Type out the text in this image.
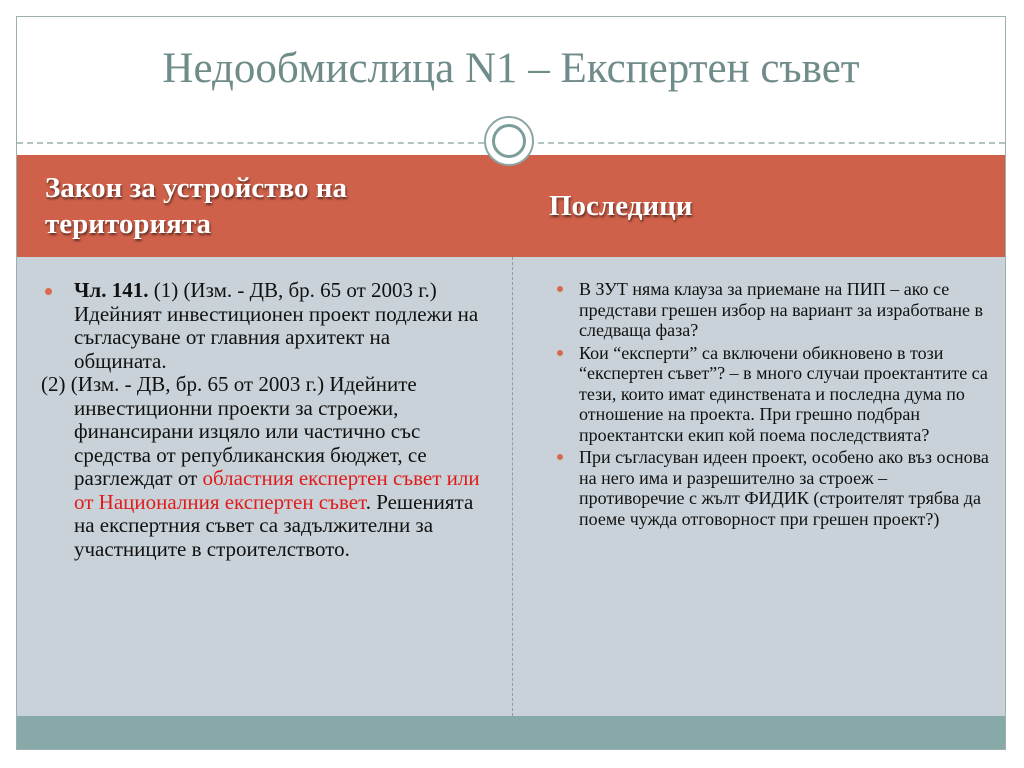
Недообмислица N1 – Експертен съвет
Закон за устройство на територията
Последици
Чл. 141. (1) (Изм. - ДВ, бр. 65 от 2003 г.) Идейният инвестиционен проект подлежи на съгласуване от главния архитект на общината.
(2) (Изм. - ДВ, бр. 65 от 2003 г.) Идейните инвестиционни проекти за строежи, финансирани изцяло или частично със средства от републиканския бюджет, се разглеждат от областния експертен съвет или от Националния експертен съвет. Решенията на експертния съвет са задължителни за участниците в строителството.
В ЗУТ няма клауза за приемане на ПИП – ако се представи грешен избор на вариант за изработване в следваща фаза?
Кои “експерти” са включени обикновено в този “експертен съвет”? – в много случаи проектантите са тези, които имат единствената и последна дума по отношение на проекта. При грешно подбран проектантски екип кой поема последствията?
При съгласуван идеен проект, особено ако въз основа на него има и разрешително за строеж – противоречие с жълт ФИДИК (строителят трябва да поеме чужда отговорност при грешен проект?)
